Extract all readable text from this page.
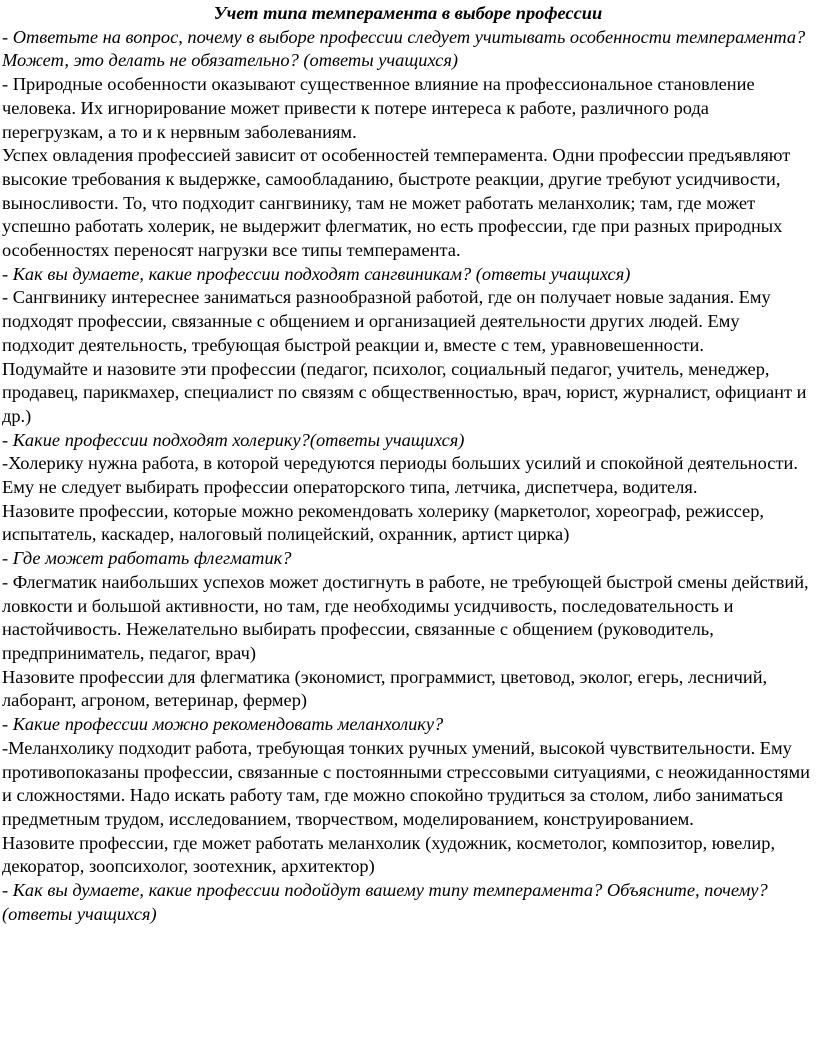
Учет типа темперамента в выборе профессии

- Ответьте на вопрос, почему в выборе профессии следует учитывать особенности темперамента? Может, это делать не обязательно? (ответы учащихся)

- Природные особенности оказывают существенное влияние на профессиональное становление человека. Их игнорирование может привести к потере интереса к работе, различного рода перегрузкам, а то и к нервным заболеваниям.

Успех овладения профессией зависит от особенностей темперамента. Одни профессии предъявляют высокие требования к выдержке, самообладанию, быстроте реакции, другие требуют усидчивости, выносливости. То, что подходит сангвинику, там не может работать меланхолик; там, где может успешно работать холерик, не выдержит флегматик, но есть профессии, где при разных природных особенностях переносят нагрузки все типы темперамента.

- Как вы думаете, какие профессии подходят сангвиникам? (ответы учащихся)

- Сангвинику интереснее заниматься разнообразной работой, где он получает новые задания. Ему подходят профессии, связанные с общением и организацией деятельности других людей. Ему подходит деятельность, требующая быстрой реакции и, вместе с тем, уравновешенности.

Подумайте и назовите эти профессии (педагог, психолог, социальный педагог, учитель, менеджер, продавец, парикмахер, специалист по связям с общественностью, врач, юрист, журналист, официант и др.)

- Какие профессии подходят холерику?(ответы учащихся)

-Холерику нужна работа, в которой чередуются периоды больших усилий и спокойной деятельности. Ему не следует выбирать профессии операторского типа, летчика, диспетчера, водителя.

Назовите профессии, которые можно рекомендовать холерику (маркетолог, хореограф, режиссер, испытатель, каскадер, налоговый полицейский, охранник, артист цирка)

- Где может работать флегматик?

- Флегматик наибольших успехов может достигнуть в работе, не требующей быстрой смены действий, ловкости и большой активности, но там, где необходимы усидчивость, последовательность и настойчивость. Нежелательно выбирать профессии, связанные с общением (руководитель, предприниматель, педагог, врач)

Назовите профессии для флегматика (экономист, программист, цветовод, эколог, егерь, лесничий, лаборант, агроном, ветеринар, фермер)

- Какие профессии можно рекомендовать меланхолику?

-Меланхолику подходит работа, требующая тонких ручных умений, высокой чувствительности. Ему противопоказаны профессии, связанные с постоянными стрессовыми ситуациями, с неожиданностями и сложностями. Надо искать работу там, где можно спокойно трудиться за столом, либо заниматься предметным трудом, исследованием, творчеством, моделированием, конструированием.

Назовите профессии, где может работать меланхолик (художник, косметолог, композитор, ювелир, декоратор, зоопсихолог, зоотехник, архитектор)

- Как вы думаете, какие профессии подойдут вашему типу темперамента? Объясните, почему? (ответы учащихся)
